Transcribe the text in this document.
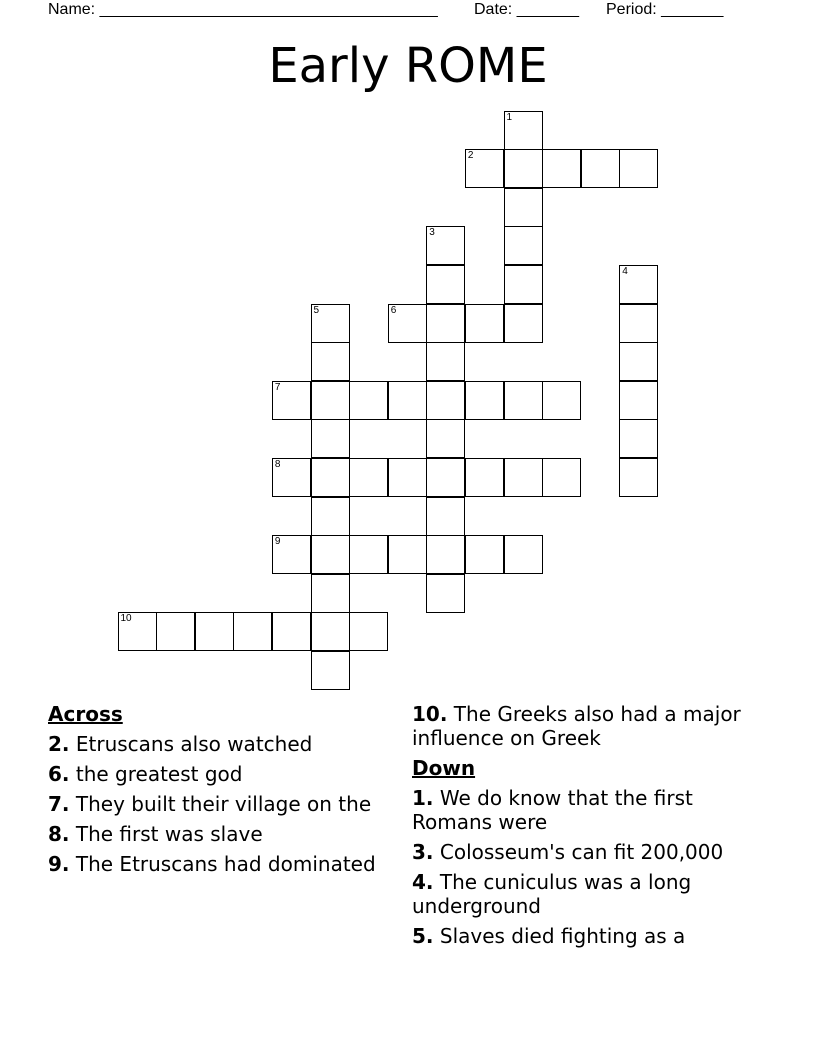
Name: ______________________________________ Date: _______ Period: _______
Early ROME
1
2
3
4
5	6
7
8
9
10
Across
2. Etruscans also watched
6. the greatest god
7. They built their village on the
8. The first was slave
9. The Etruscans had dominated
10. The Greeks also had a major influence on Greek
Down
1. We do know that the first Romans were
3. Colosseum's can fit 200,000
4. The cuniculus was a long underground
5. Slaves died fighting as a
